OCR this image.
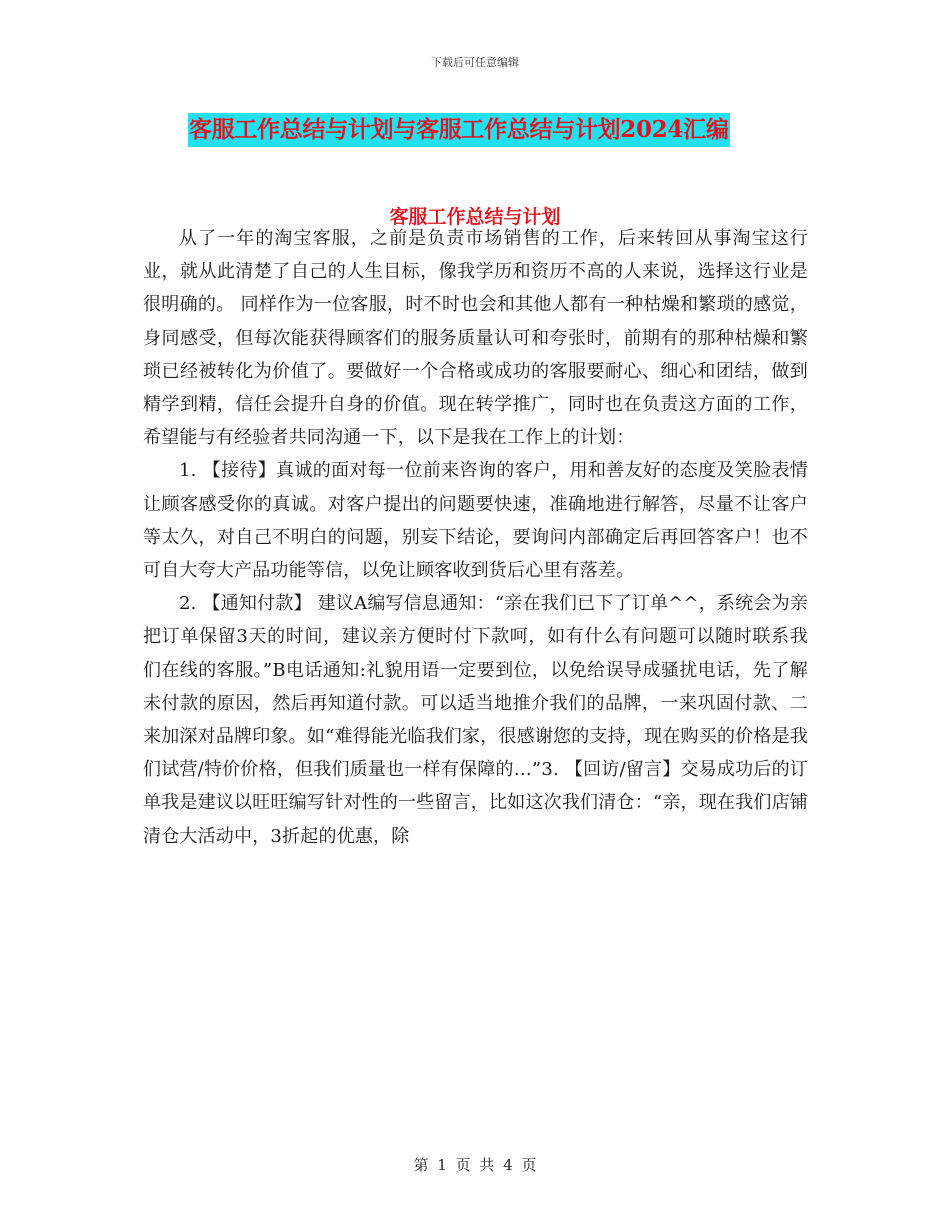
下载后可任意编辑
客服工作总结与计划与客服工作总结与计划2024汇编
客服工作总结与计划

从了一年的淘宝客服，之前是负责市场销售的工作，后来转回从事淘宝这行业，就从此清楚了自己的人生目标，像我学历和资历不高的人来说，选择这行业是很明确的。 同样作为一位客服，时不时也会和其他人都有一种枯燥和繁琐的感觉，身同感受，但每次能获得顾客们的服务质量认可和夸张时，前期有的那种枯燥和繁琐已经被转化为价值了。要做好一个合格或成功的客服要耐心、细心和团结，做到精学到精，信任会提升自身的价值。现在转学推广，同时也在负责这方面的工作，希望能与有经验者共同沟通一下，以下是我在工作上的计划：

1. 【接待】真诚的面对每一位前来咨询的客户，用和善友好的态度及笑脸表情让顾客感受你的真诚。对客户提出的问题要快速，准确地进行解答，尽量不让客户等太久，对自己不明白的问题，别妄下结论，要询问内部确定后再回答客户！也不可自大夸大产品功能等信，以免让顾客收到货后心里有落差。

2. 【通知付款】 建议A编写信息通知：“亲在我们已下了订单^^，系统会为亲把订单保留3天的时间，建议亲方便时付下款呵，如有什么有问题可以随时联系我们在线的客服。”B电话通知:礼貌用语一定要到位，以免给误导成骚扰电话，先了解未付款的原因，然后再知道付款。可以适当地推介我们的品牌，一来巩固付款、二来加深对品牌印象。如“难得能光临我们家，很感谢您的支持，现在购买的价格是我们试营/特价价格，但我们质量也一样有保障的…”3. 【回访/留言】交易成功后的订单我是建议以旺旺编写针对性的一些留言，比如这次我们清仓：“亲，现在我们店铺清仓大活动中，3折起的优惠，除

第 1 页 共 4 页
